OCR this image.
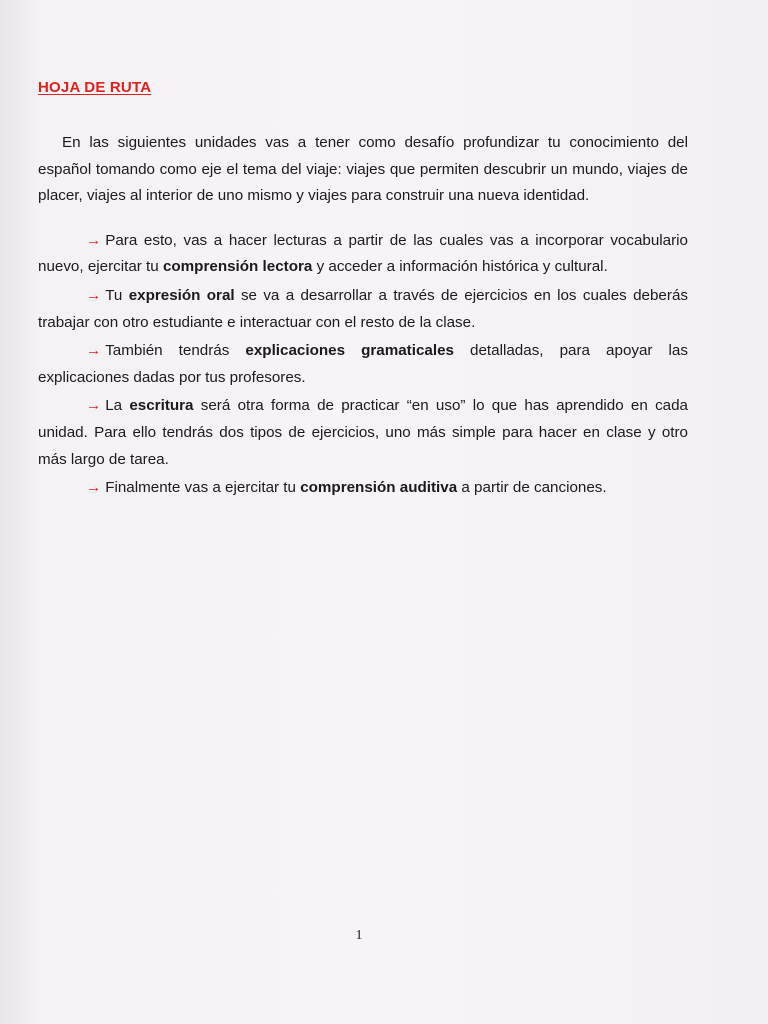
HOJA DE RUTA

En las siguientes unidades vas a tener como desafío profundizar tu conocimiento del español tomando como eje el tema del viaje: viajes que permiten descubrir un mundo, viajes de placer, viajes al interior de uno mismo y viajes para construir una nueva identidad.

→ Para esto, vas a hacer lecturas a partir de las cuales vas a incorporar vocabulario nuevo, ejercitar tu comprensión lectora y acceder a información histórica y cultural.

→ Tu expresión oral se va a desarrollar a través de ejercicios en los cuales deberás trabajar con otro estudiante e interactuar con el resto de la clase.

→ También tendrás explicaciones gramaticales detalladas, para apoyar las explicaciones dadas por tus profesores.

→ La escritura será otra forma de practicar “en uso” lo que has aprendido en cada unidad. Para ello tendrás dos tipos de ejercicios, uno más simple para hacer en clase y otro más largo de tarea.

→ Finalmente vas a ejercitar tu comprensión auditiva a partir de canciones.

1
